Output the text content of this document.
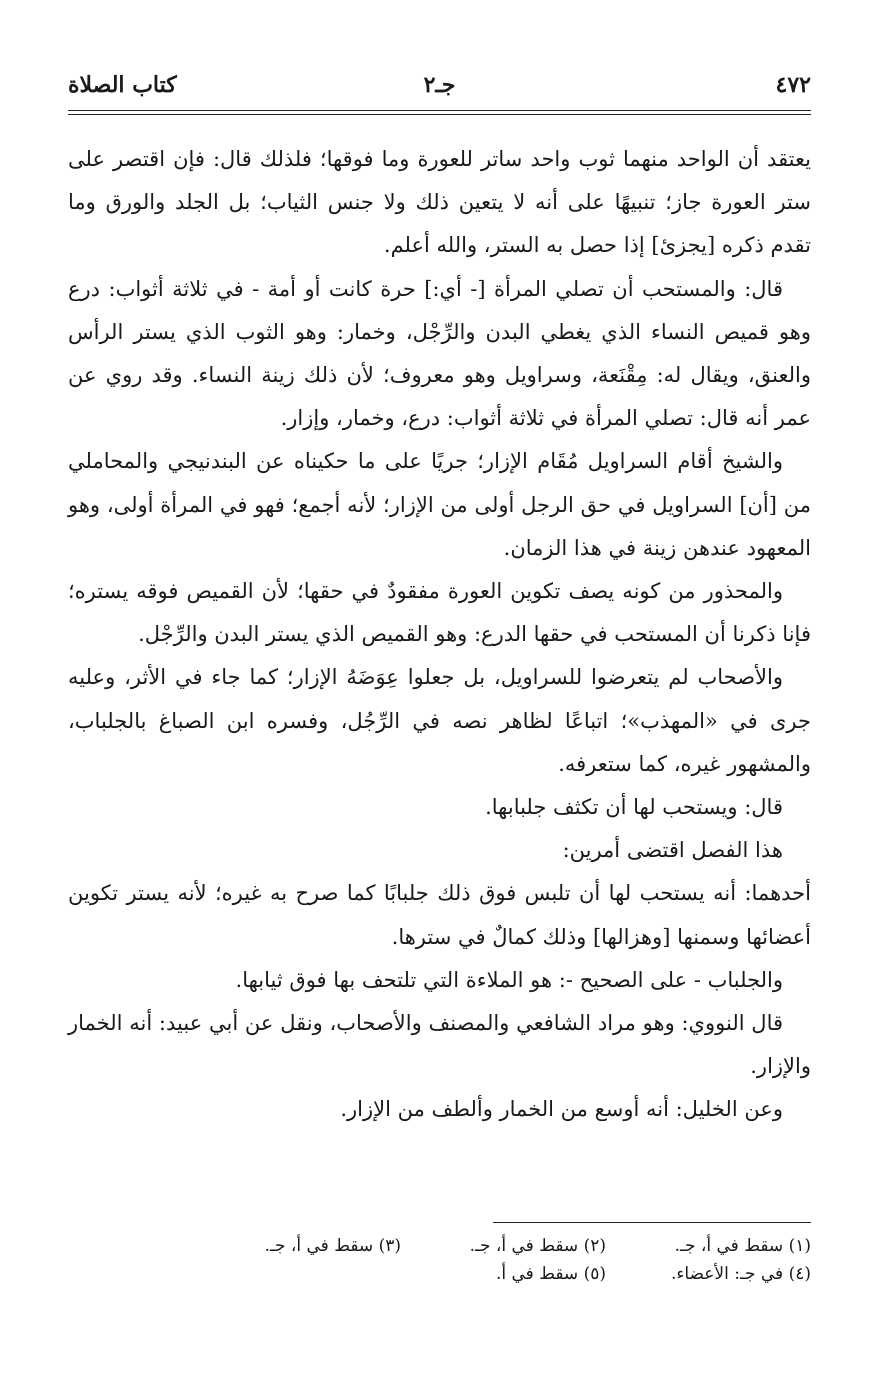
٤٧٢
جـ٢
كتاب الصلاة

يعتقد أن الواحد منهما ثوب واحد ساتر للعورة وما فوقها؛ فلذلك قال: فإن اقتصر على ستر العورة جاز؛ تنبيهًا على أنه لا يتعين ذلك ولا جنس الثياب؛ بل الجلد والورق وما تقدم ذكره [يجزئ] إذا حصل به الستر، والله أعلم.

قال: والمستحب أن تصلي المرأة [- أي:] حرة كانت أو أمة - في ثلاثة أثواب: درع وهو قميص النساء الذي يغطي البدن والرِّجْل، وخمار: وهو الثوب الذي يستر الرأس والعنق، ويقال له: مِقْنَعة، وسراويل وهو معروف؛ لأن ذلك زينة النساء. وقد روي عن عمر أنه قال: تصلي المرأة في ثلاثة أثواب: درع، وخمار، وإزار.

والشيخ أقام السراويل مُقَام الإزار؛ جريًا على ما حكيناه عن البندنيجي والمحاملي من [أن] السراويل في حق الرجل أولى من الإزار؛ لأنه أجمع؛ فهو في المرأة أولى، وهو المعهود عندهن زينة في هذا الزمان.

والمحذور من كونه يصف تكوين العورة مفقودٌ في حقها؛ لأن القميص فوقه يستره؛ فإنا ذكرنا أن المستحب في حقها الدرع: وهو القميص الذي يستر البدن والرِّجْل.

والأصحاب لم يتعرضوا للسراويل، بل جعلوا عِوَضَهُ الإزار؛ كما جاء في الأثر، وعليه جرى في «المهذب»؛ اتباعًا لظاهر نصه في الرِّجُل، وفسره ابن الصباغ بالجلباب، والمشهور غيره، كما ستعرفه.

قال: ويستحب لها أن تكثف جلبابها.

هذا الفصل اقتضى أمرين:

أحدهما: أنه يستحب لها أن تلبس فوق ذلك جلبابًا كما صرح به غيره؛ لأنه يستر تكوين أعضائها وسمنها [وهزالها] وذلك كمالٌ في سترها.

والجلباب - على الصحيح -: هو الملاءة التي تلتحف بها فوق ثيابها.

قال النووي: وهو مراد الشافعي والمصنف والأصحاب، ونقل عن أبي عبيد: أنه الخمار والإزار.

وعن الخليل: أنه أوسع من الخمار وألطف من الإزار.

(١) سقط في أ، جـ.
(٢) سقط في أ، جـ.
(٣) سقط في أ، جـ.
(٤) في جـ: الأعضاء.
(٥) سقط في أ.
